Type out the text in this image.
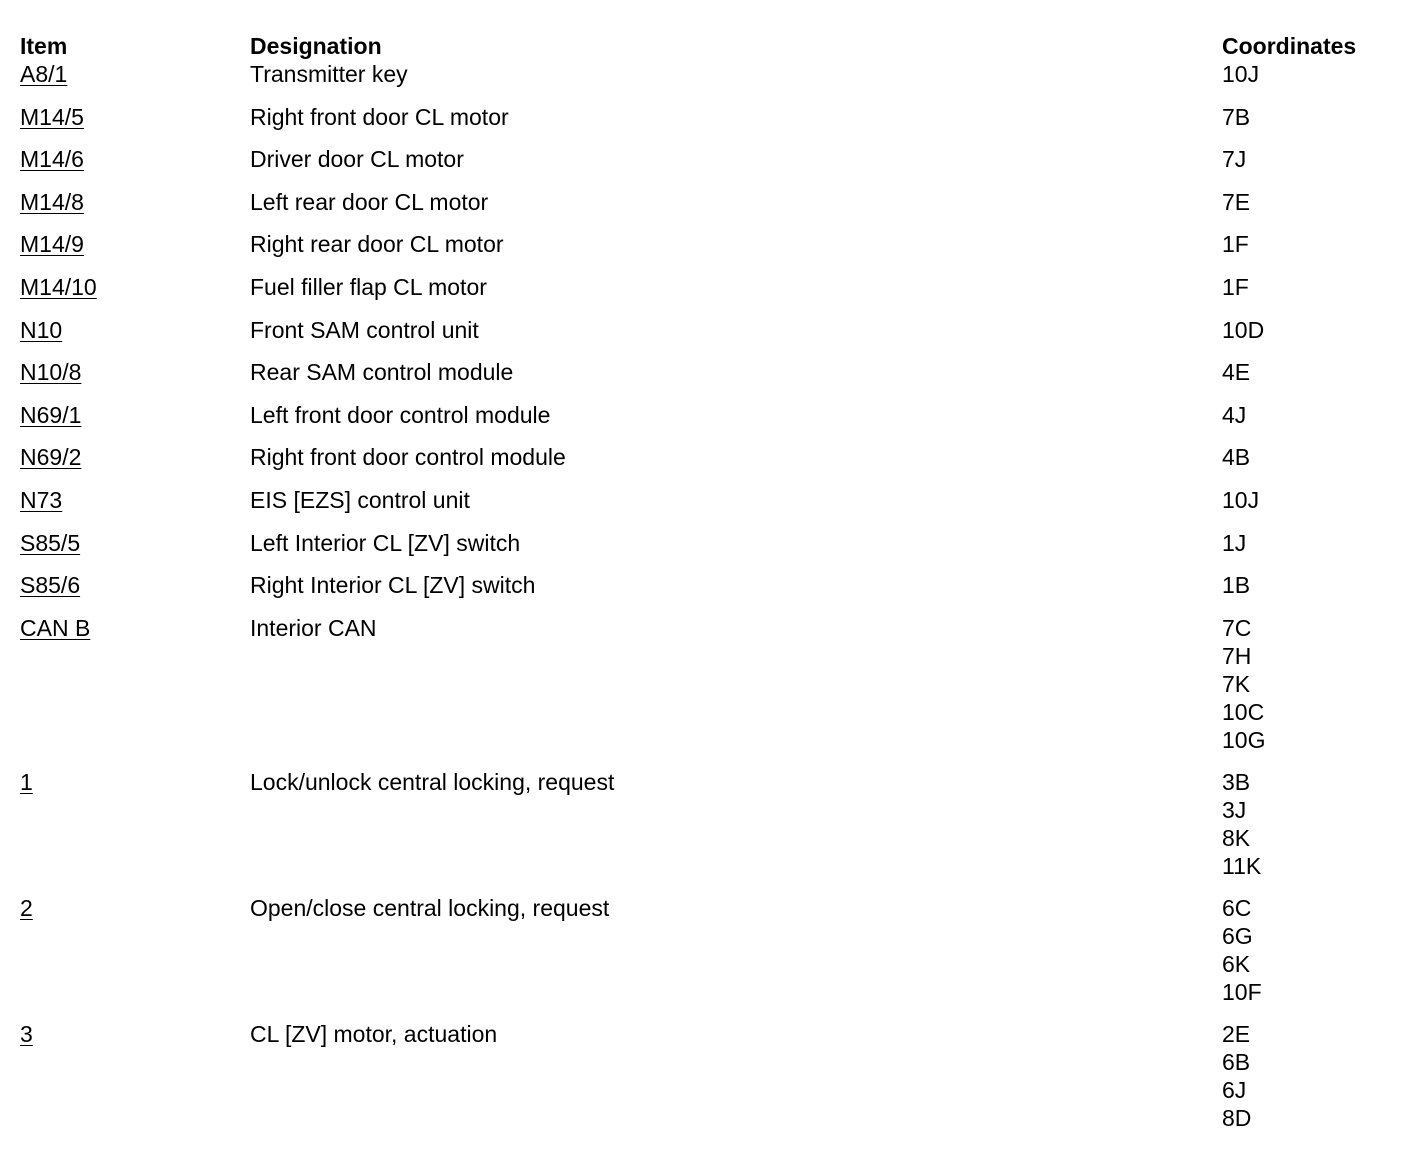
Item	Designation	Coordinates
A8/1	Transmitter key	10J

M14/5	Right front door CL motor	7B

M14/6	Driver door CL motor	7J

M14/8	Left rear door CL motor	7E

M14/9	Right rear door CL motor	1F

M14/10	Fuel filler flap CL motor	1F

N10	Front SAM control unit	10D

N10/8	Rear SAM control module	4E

N69/1	Left front door control module	4J

N69/2	Right front door control module	4B

N73	EIS [EZS] control unit	10J

S85/5	Left Interior CL [ZV] switch	1J

S85/6	Right Interior CL [ZV] switch	1B

CAN B	Interior CAN	7C
7H
7K
10C
10G

1	Lock/unlock central locking, request	3B
3J
8K
11K

2	Open/close central locking, request	6C
6G
6K
10F

3	CL [ZV] motor, actuation	2E
6B
6J
8D
